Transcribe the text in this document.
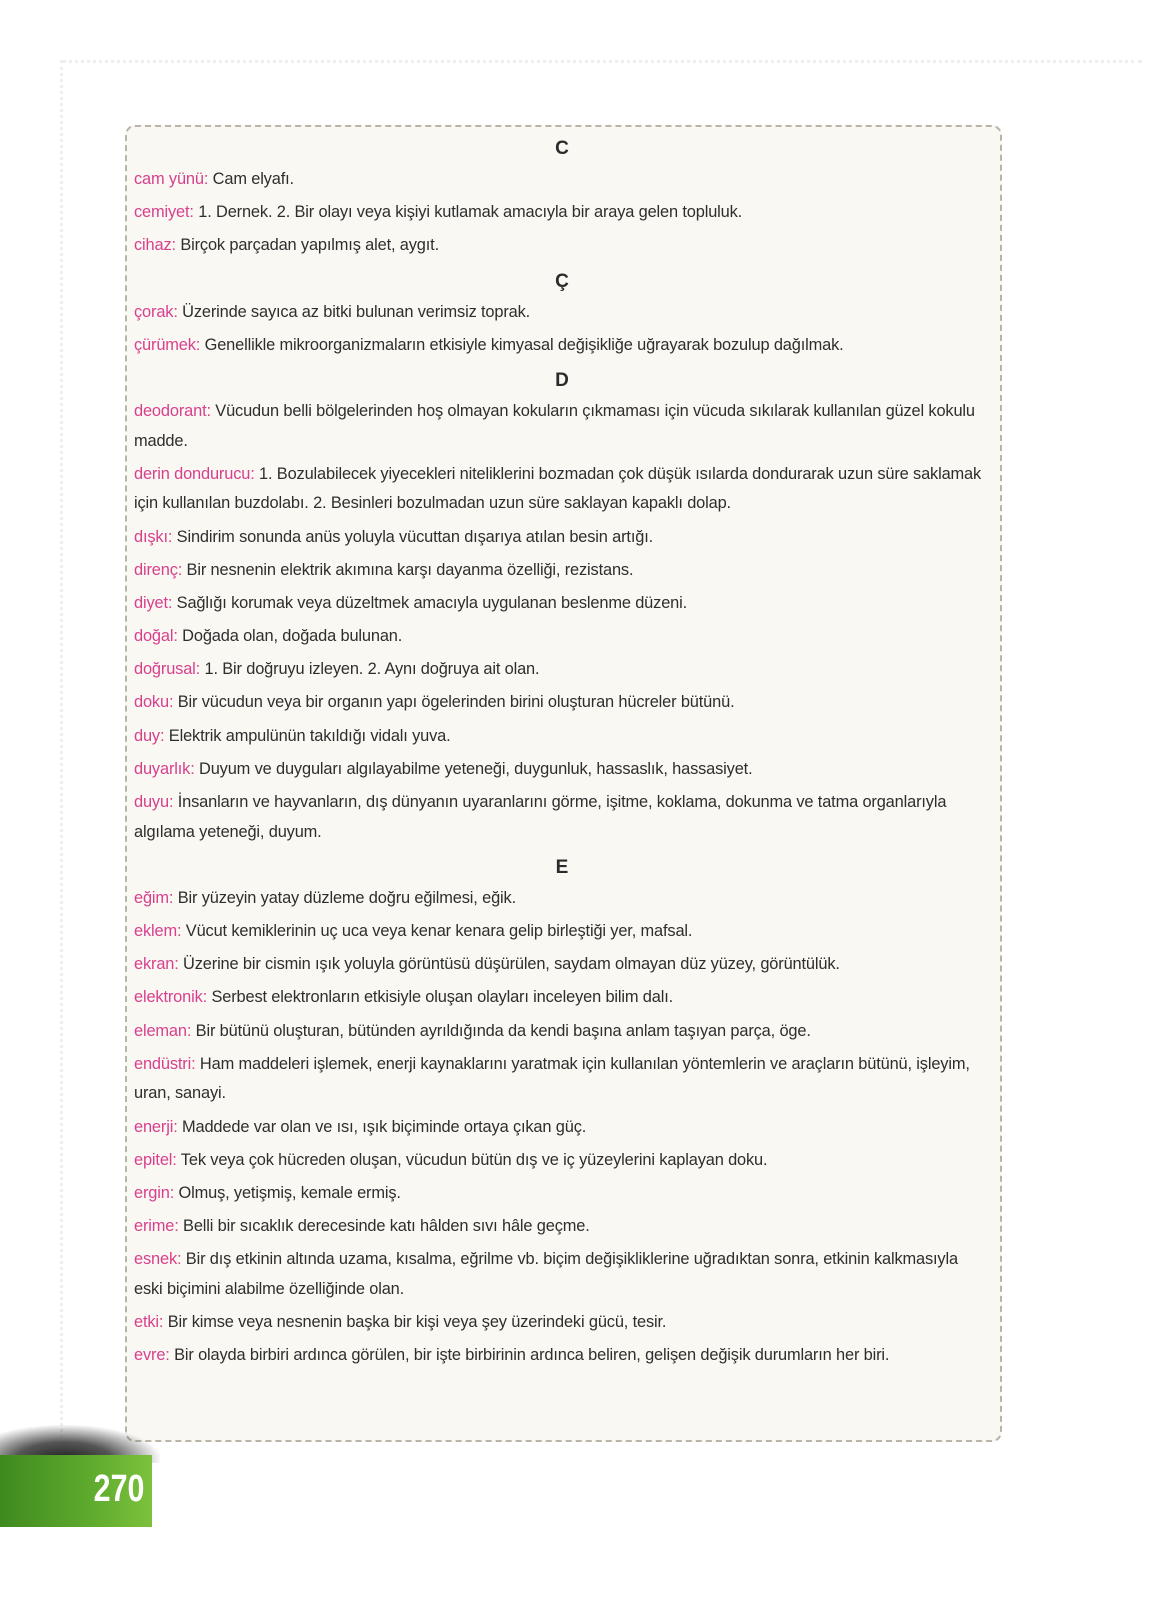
C
cam yünü: Cam elyafı.
cemiyet: 1. Dernek. 2. Bir olayı veya kişiyi kutlamak amacıyla bir araya gelen topluluk.
cihaz: Birçok parçadan yapılmış alet, aygıt.
Ç
çorak: Üzerinde sayıca az bitki bulunan verimsiz toprak.
çürümek: Genellikle mikroorganizmaların etkisiyle kimyasal değişikliğe uğrayarak bozulup dağılmak.
D
deodorant: Vücudun belli bölgelerinden hoş olmayan kokuların çıkmaması için vücuda sıkılarak kullanılan güzel kokulu madde.
derin dondurucu: 1. Bozulabilecek yiyecekleri niteliklerini bozmadan çok düşük ısılarda dondurarak uzun süre saklamak için kullanılan buzdolabı. 2. Besinleri bozulmadan uzun süre saklayan kapaklı dolap.
dışkı: Sindirim sonunda anüs yoluyla vücuttan dışarıya atılan besin artığı.
direnç: Bir nesnenin elektrik akımına karşı dayanma özelliği, rezistans.
diyet: Sağlığı korumak veya düzeltmek amacıyla uygulanan beslenme düzeni.
doğal: Doğada olan, doğada bulunan.
doğrusal: 1. Bir doğruyu izleyen. 2. Aynı doğruya ait olan.
doku: Bir vücudun veya bir organın yapı ögelerinden birini oluşturan hücreler bütünü.
duy: Elektrik ampulünün takıldığı vidalı yuva.
duyarlık: Duyum ve duyguları algılayabilme yeteneği, duygunluk, hassaslık, hassasiyet.
duyu: İnsanların ve hayvanların, dış dünyanın uyaranlarını görme, işitme, koklama, dokunma ve tatma organlarıyla algılama yeteneği, duyum.
E
eğim: Bir yüzeyin yatay düzleme doğru eğilmesi, eğik.
eklem: Vücut kemiklerinin uç uca veya kenar kenara gelip birleştiği yer, mafsal.
ekran: Üzerine bir cismin ışık yoluyla görüntüsü düşürülen, saydam olmayan düz yüzey, görüntülük.
elektronik: Serbest elektronların etkisiyle oluşan olayları inceleyen bilim dalı.
eleman: Bir bütünü oluşturan, bütünden ayrıldığında da kendi başına anlam taşıyan parça, öge.
endüstri: Ham maddeleri işlemek, enerji kaynaklarını yaratmak için kullanılan yöntemlerin ve araçların bütünü, işleyim, uran, sanayi.
enerji: Maddede var olan ve ısı, ışık biçiminde ortaya çıkan güç.
epitel: Tek veya çok hücreden oluşan, vücudun bütün dış ve iç yüzeylerini kaplayan doku.
ergin: Olmuş, yetişmiş, kemale ermiş.
erime: Belli bir sıcaklık derecesinde katı hâlden sıvı hâle geçme.
esnek: Bir dış etkinin altında uzama, kısalma, eğrilme vb. biçim değişikliklerine uğradıktan sonra, etkinin kalkmasıyla eski biçimini alabilme özelliğinde olan.
etki: Bir kimse veya nesnenin başka bir kişi veya şey üzerindeki gücü, tesir.
evre: Bir olayda birbiri ardınca görülen, bir işte birbirinin ardınca beliren, gelişen değişik durumların her biri.
270
